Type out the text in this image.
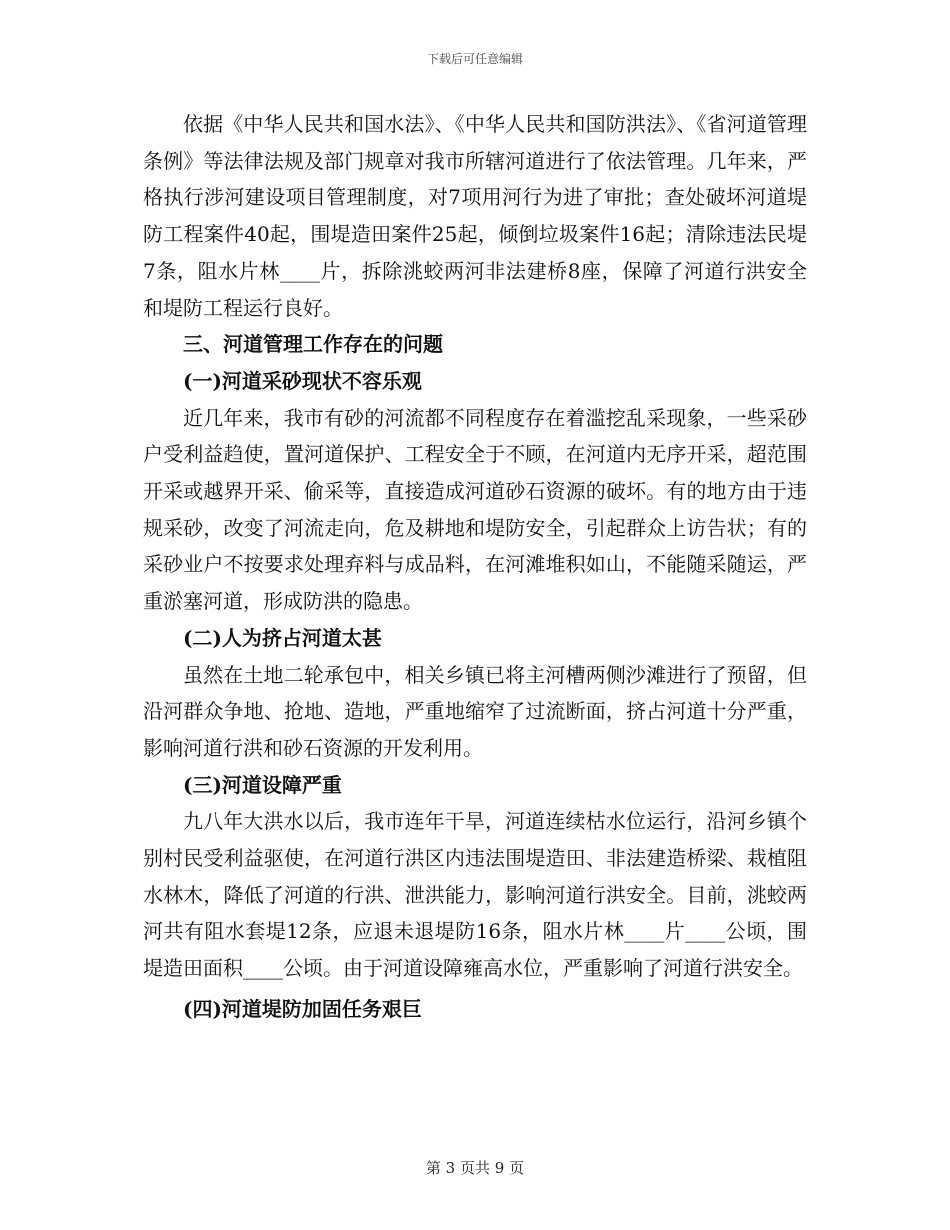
下载后可任意编辑

依据《中华人民共和国水法》、《中华人民共和国防洪法》、《省河道管理条例》等法律法规及部门规章对我市所辖河道进行了依法管理。几年来，严格执行涉河建设项目管理制度，对7项用河行为进了审批；查处破坏河道堤防工程案件40起，围堤造田案件25起，倾倒垃圾案件16起；清除违法民堤7条，阻水片林____片，拆除洮蛟两河非法建桥8座，保障了河道行洪安全和堤防工程运行良好。

三、河道管理工作存在的问题
(一)河道采砂现状不容乐观

近几年来，我市有砂的河流都不同程度存在着滥挖乱采现象，一些采砂户受利益趋使，置河道保护、工程安全于不顾，在河道内无序开采，超范围开采或越界开采、偷采等，直接造成河道砂石资源的破坏。有的地方由于违规采砂，改变了河流走向，危及耕地和堤防安全，引起群众上访告状；有的采砂业户不按要求处理弃料与成品料，在河滩堆积如山，不能随采随运，严重淤塞河道，形成防洪的隐患。

(二)人为挤占河道太甚

虽然在土地二轮承包中，相关乡镇已将主河槽两侧沙滩进行了预留，但沿河群众争地、抢地、造地，严重地缩窄了过流断面，挤占河道十分严重，影响河道行洪和砂石资源的开发利用。

(三)河道设障严重

九八年大洪水以后，我市连年干旱，河道连续枯水位运行，沿河乡镇个别村民受利益驱使，在河道行洪区内违法围堤造田、非法建造桥梁、栽植阻水林木，降低了河道的行洪、泄洪能力，影响河道行洪安全。目前，洮蛟两河共有阻水套堤12条，应退未退堤防16条，阻水片林____片____公顷，围堤造田面积____公顷。由于河道设障雍高水位，严重影响了河道行洪安全。

(四)河道堤防加固任务艰巨
第 3 页共 9 页
